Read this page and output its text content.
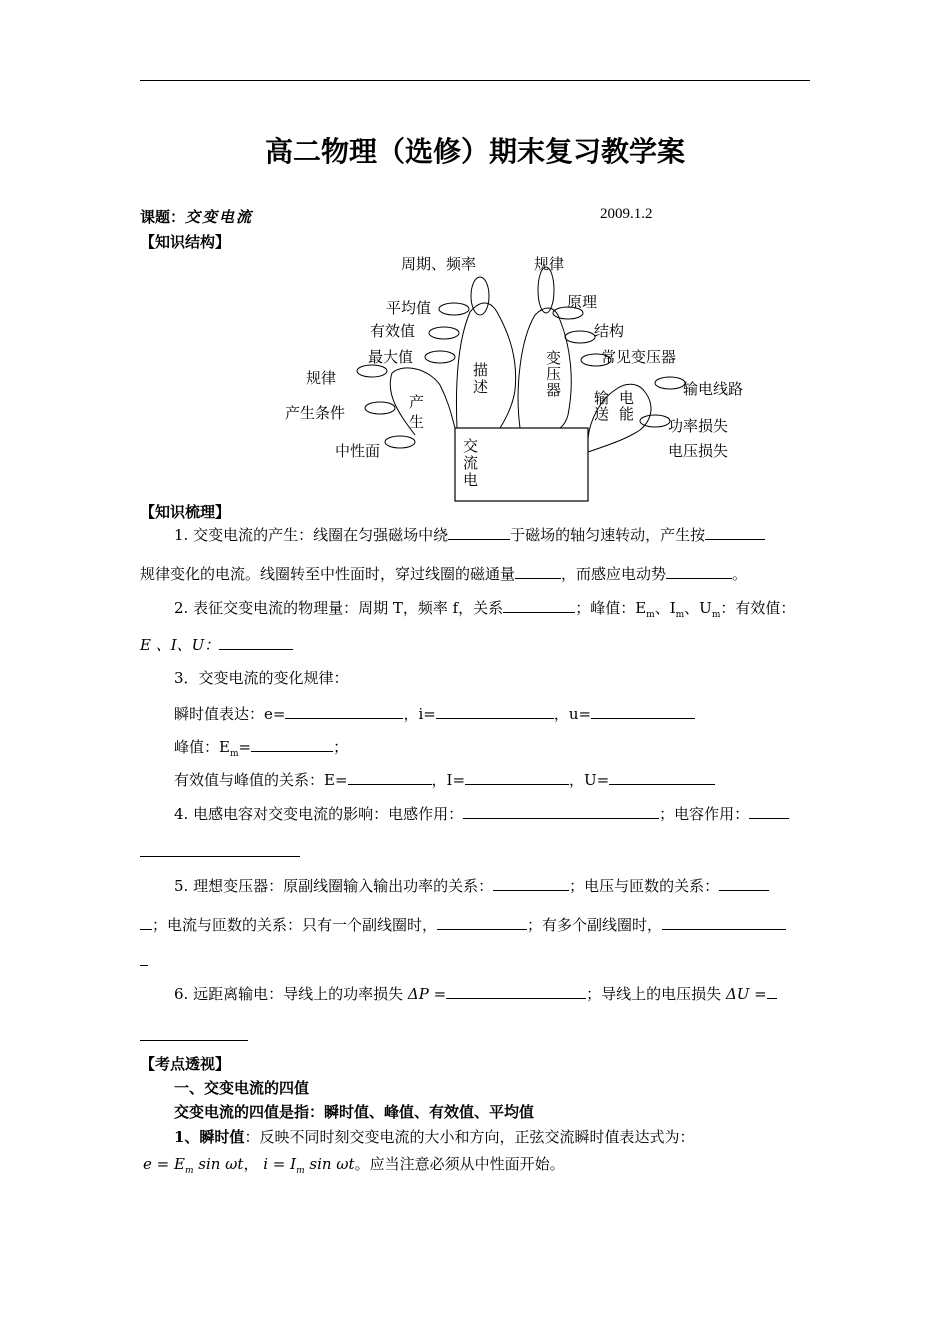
高二物理（选修）期末复习教学案
课题：交变电流	2009.1.2
【知识结构】
周期、频率	规律
平均值
有效值
最大值
规律
产生条件
中性面
原理
结构
常见变压器
输电线路
功率损失
电压损失
产
生
描
述
变
压
器 输
送
电
能
交
流
电
【知识梳理】
1. 交变电流的产生：线圈在匀强磁场中绕	于磁场的轴匀速转动，产生按
规律变化的电流。线圈转至中性面时，穿过线圈的磁通量	，而感应电动势	。
2. 表征交变电流的物理量：周期 T，频率 f，关系	；峰值：$E_m$、$I_m$、$U_m$：有效值：
E 、I、U：
3．交变电流的变化规律：
瞬时值表达：e=	，i=	，u=
峰值：$E_m=$	；
有效值与峰值的关系：E=	，I=	，U=
4. 电感电容对交变电流的影响：电感作用：	；电容作用：
5. 理想变压器：原副线圈输入输出功率的关系：	；电压与匝数的关系：
；电流与匝数的关系：只有一个副线圈时，	；有多个副线圈时，
6. 远距离输电：导线上的功率损失 ΔP =	；导线上的电压损失 ΔU =
【考点透视】
一、交变电流的四值
交变电流的四值是指：瞬时值、峰值、有效值、平均值
1、瞬时值：反映不同时刻交变电流的大小和方向，正弦交流瞬时值表达式为：
$e = E_m$ sin ωt， $i = I_m$ sin ωt。应当注意必须从中性面开始。
